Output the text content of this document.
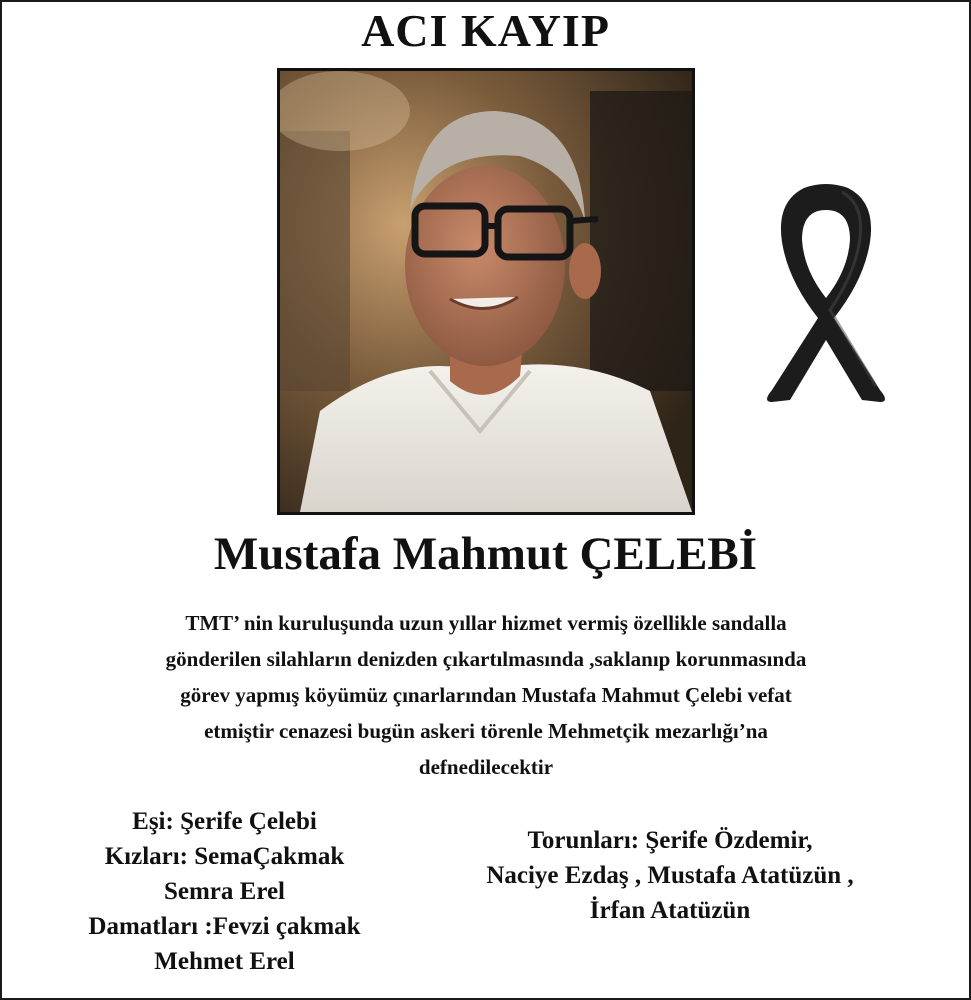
ACI KAYIP
Mustafa Mahmut ÇELEBİ
TMT’ nin kuruluşunda uzun yıllar hizmet vermiş özellikle sandalla
gönderilen silahların denizden çıkartılmasında ,saklanıp korunmasında
görev yapmış köyümüz çınarlarından Mustafa Mahmut Çelebi vefat
etmiştir cenazesi bugün askeri törenle Mehmetçik mezarlığı’na
defnedilecektir
Eşi: Şerife Çelebi
Kızları: SemaÇakmak
Semra Erel
Damatları :Fevzi çakmak
Mehmet Erel
Torunları: Şerife Özdemir,
Naciye Ezdaş , Mustafa Atatüzün ,
İrfan Atatüzün
